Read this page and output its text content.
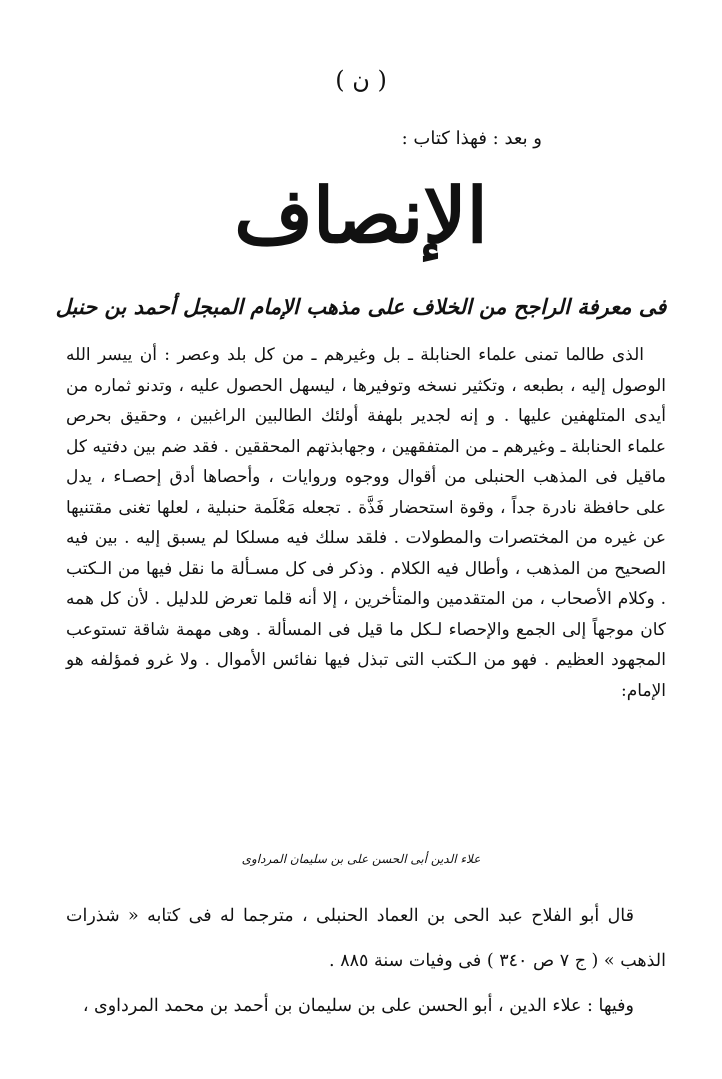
( ن )
و بعد : فهذا كتاب :
الإنصاف
فى معرفة الراجح من الخلاف على مذهب الإمام المبجل أحمد بن حنبل

الذى طالما تمنى علماء الحنابلة ـ بل وغيرهم ـ من كل بلد وعصر : أن ييسر الله الوصول إليه ، بطبعه ، وتكثير نسخه وتوفيرها ، ليسهل الحصول عليه ، وتدنو ثماره من أيدى المتلهفين عليها . و إنه لجدير بلهفة أولئك الطالبين الراغبين ، وحقيق بحرص علماء الحنابلة ـ وغيرهم ـ من المتفقهين ، وجهابذتهم المحققين . فقد ضم بين دفتيه كل ماقيل فى المذهب الحنبلى من أقوال ووجوه وروايات ، وأحصاها أدق إحصـاء ، يدل على حافظة نادرة جداً ، وقوة استحضار فَذَّة . تجعله مَعْلَمة حنبلية ، لعلها تغنى مقتنيها عن غيره من المختصرات والمطولات . فلقد سلك فيه مسلكا لم يسبق إليه . بين فيه الصحيح من المذهب ، وأطال فيه الكلام . وذكر فى كل مسـألة ما نقل فيها من الـكتب . وكلام الأصحاب ، من المتقدمين والمتأخرين ، إلا أنه قلما تعرض للدليل . لأن كل همه كان موجهاً إلى الجمع والإحصاء لـكل ما قيل فى المسألة . وهى مهمة شاقة تستوعب المجهود العظيم . فهو من الـكتب التى تبذل فيها نفائس الأموال . ولا غرو فمؤلفه هو الإمام:

علاء الدين أبى الحسن على بن سليمان المرداوى

قال أبو الفلاح عبد الحى بن العماد الحنبلى ، مترجما له فى كتابه « شذرات الذهب » ( ج ٧ ص ٣٤٠ ) فى وفيات سنة ٨٨٥ .

وفيها : علاء الدين ، أبو الحسن على بن سليمان بن أحمد بن محمد المرداوى ،
